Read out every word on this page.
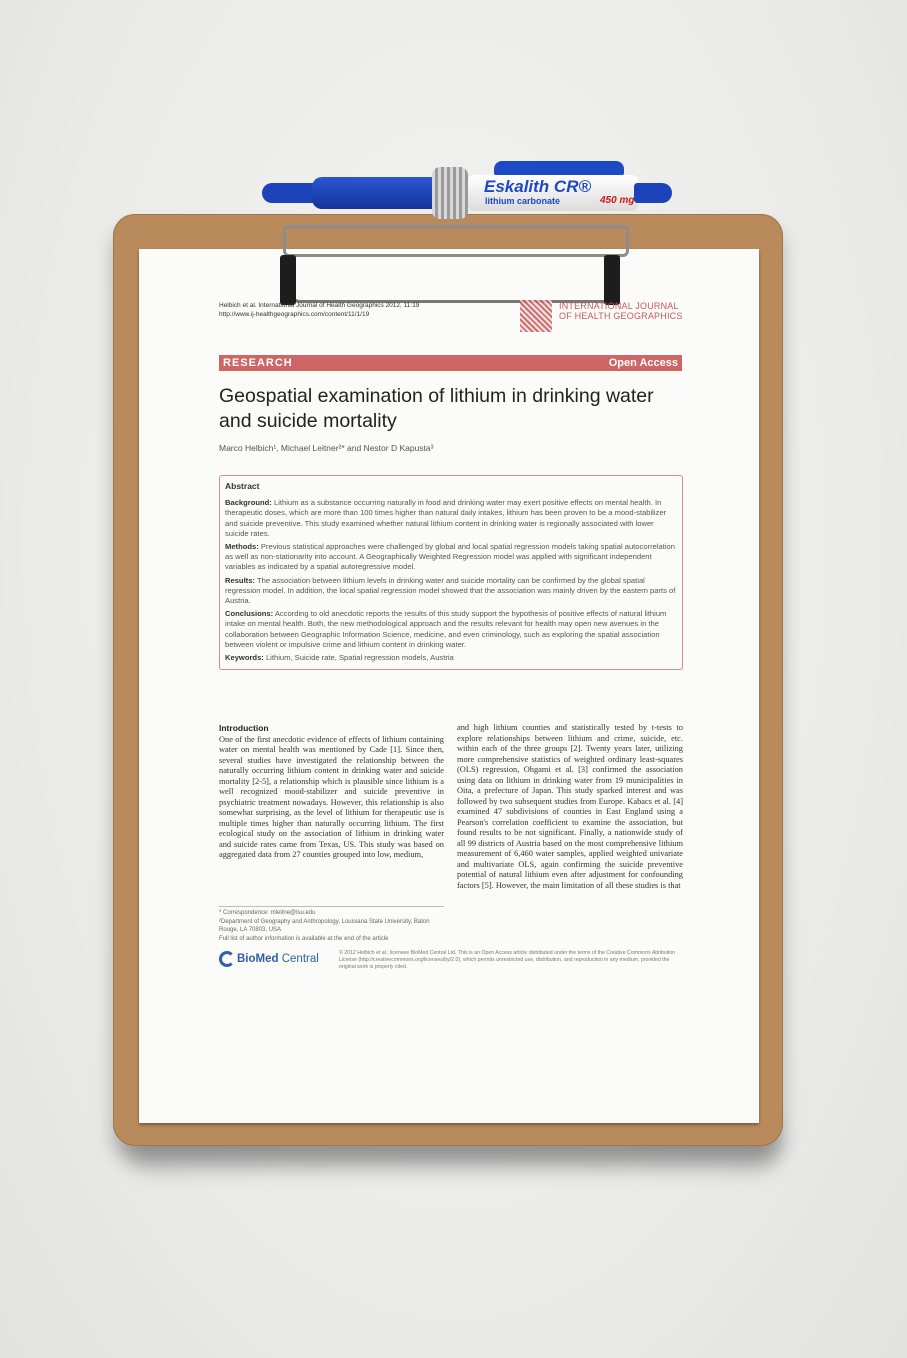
Eskalith CR®
lithium carbonate	450 mg
Helbich et al. International Journal of Health Geographics 2012, 11:19
http://www.ij-healthgeographics.com/content/11/1/19
INTERNATIONAL JOURNAL
OF HEALTH GEOGRAPHICS
RESEARCH	Open Access
Geospatial examination of lithium in drinking water and suicide mortality
Marco Helbich¹, Michael Leitner²* and Nestor D Kapusta³
Abstract

Background: Lithium as a substance occurring naturally in food and drinking water may exert positive effects on mental health. In therapeutic doses, which are more than 100 times higher than natural daily intakes, lithium has been proven to be a mood-stabilizer and suicide preventive. This study examined whether natural lithium content in drinking water is regionally associated with lower suicide rates.

Methods: Previous statistical approaches were challenged by global and local spatial regression models taking spatial autocorrelation as well as non-stationarity into account. A Geographically Weighted Regression model was applied with significant independent variables as indicated by a spatial autoregressive model.

Results: The association between lithium levels in drinking water and suicide mortality can be confirmed by the global spatial regression model. In addition, the local spatial regression model showed that the association was mainly driven by the eastern parts of Austria.

Conclusions: According to old anecdotic reports the results of this study support the hypothesis of positive effects of natural lithium intake on mental health. Both, the new methodological approach and the results relevant for health may open new avenues in the collaboration between Geographic Information Science, medicine, and even criminology, such as exploring the spatial association between violent or impulsive crime and lithium content in drinking water.

Keywords: Lithium, Suicide rate, Spatial regression models, Austria

Introduction
One of the first anecdotic evidence of effects of lithium containing water on mental health was mentioned by Cade [1]. Since then, several studies have investigated the relationship between the naturally occurring lithium content in drinking water and suicide mortality [2-5], a relationship which is plausible since lithium is a well recognized mood-stabilizer and suicide preventive in psychiatric treatment nowadays. However, this relationship is also somewhat surprising, as the level of lithium for therapeutic use is multiple times higher than naturally occurring lithium. The first ecological study on the association of lithium in drinking water and suicide rates came from Texas, US. This study was based on aggregated data from 27 counties grouped into low, medium,
and high lithium counties and statistically tested by t-tests to explore relationships between lithium and crime, suicide, etc. within each of the three groups [2]. Twenty years later, utilizing more comprehensive statistics of weighted ordinary least-squares (OLS) regression, Ohgami et al. [3] confirmed the association using data on lithium in drinking water from 19 municipalities in Oita, a prefecture of Japan. This study sparked interest and was followed by two subsequent studies from Europe. Kabacs et al. [4] examined 47 subdivisions of counties in East England using a Pearson's correlation coefficient to examine the association, but found results to be not significant. Finally, a nationwide study of all 99 districts of Austria based on the most comprehensive lithium measurement of 6,460 water samples, applied weighted univariate and multivariate OLS, again confirming the suicide preventive potential of natural lithium even after adjustment for confounding factors [5]. However, the main limitation of all these studies is that
* Correspondence: mleitne@lsu.edu
²Department of Geography and Anthropology, Louisiana State University, Baton Rouge, LA 70803, USA
Full list of author information is available at the end of the article
BioMed Central
© 2012 Helbich et al.; licensee BioMed Central Ltd. This is an Open Access article distributed under the terms of the Creative Commons Attribution License (http://creativecommons.org/licenses/by/2.0), which permits unrestricted use, distribution, and reproduction in any medium, provided the original work is properly cited.
